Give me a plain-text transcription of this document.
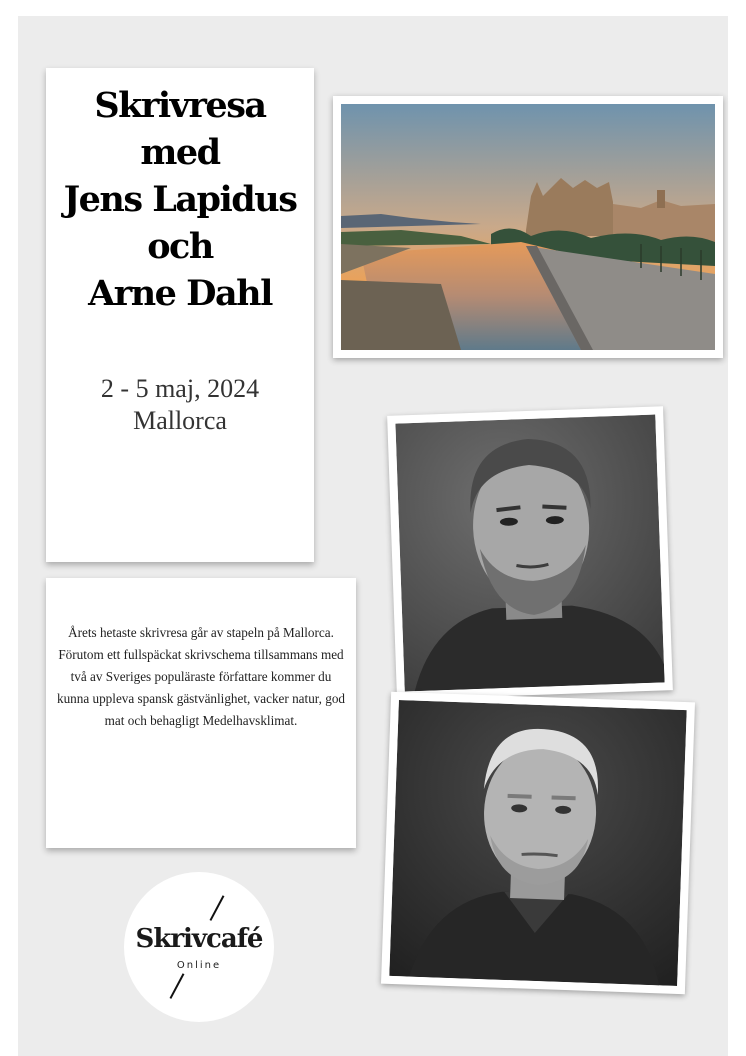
Skrivresa
med
Jens Lapidus
och
Arne Dahl
2 - 5 maj, 2024
Mallorca

Årets hetaste skrivresa går av stapeln på Mallorca. Förutom ett fullspäckat skrivschema tillsammans med två av Sveriges populäraste författare kommer du kunna uppleva spansk gästvänlighet, vacker natur, god mat och behagligt Medelhavsklimat.

Skrivcafé
Online
